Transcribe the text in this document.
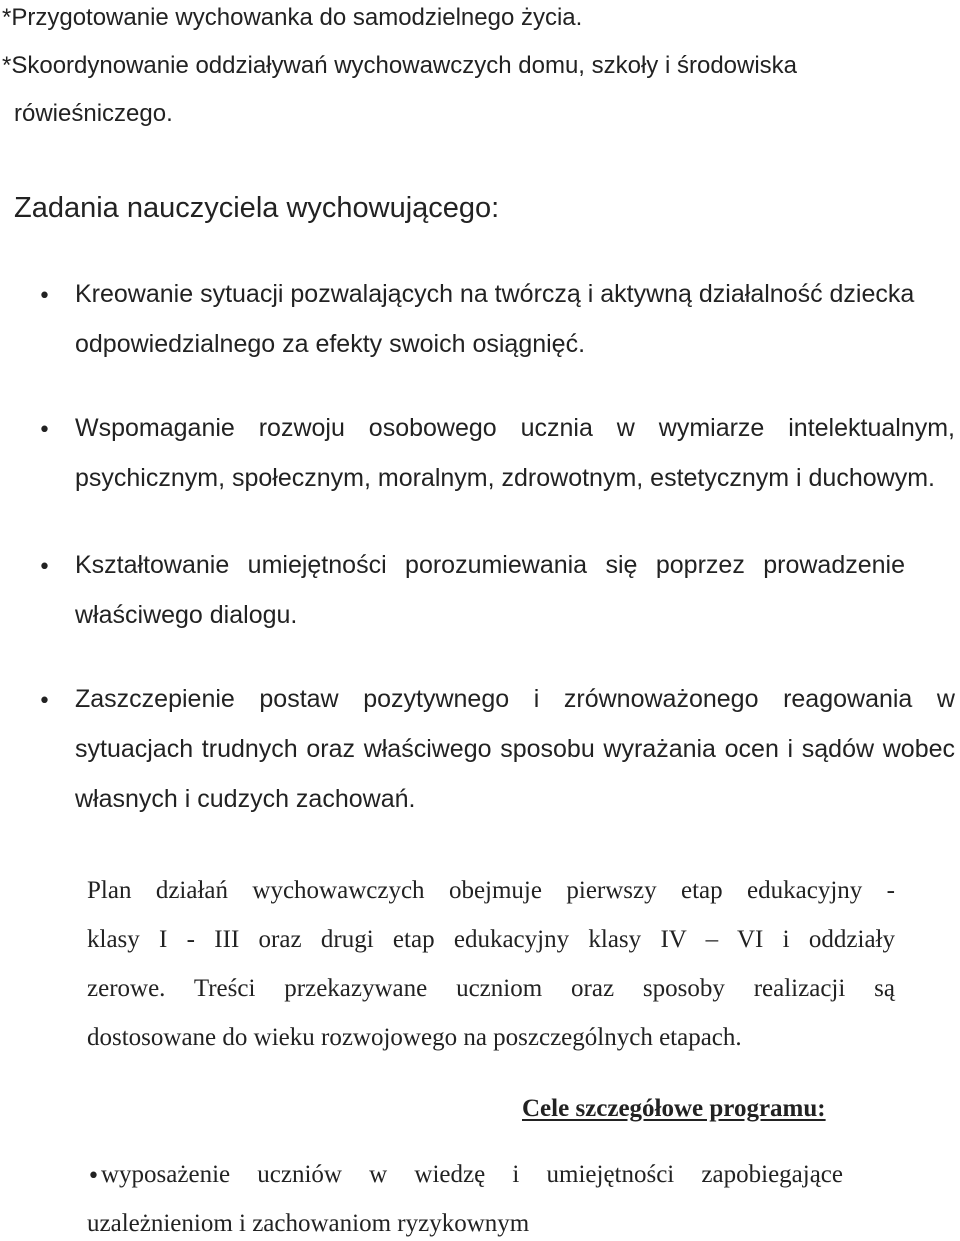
*Przygotowanie wychowanka do samodzielnego życia.
*Skoordynowanie oddziaływań wychowawczych domu, szkoły i środowiska
rówieśniczego.
Zadania nauczyciela wychowującego:
• Kreowanie sytuacji pozwalających na twórczą i aktywną działalność dziecka
odpowiedzialnego za efekty swoich osiągnięć.
• Wspomaganie rozwoju osobowego ucznia w wymiarze intelektualnym,
psychicznym, społecznym, moralnym, zdrowotnym, estetycznym i duchowym.
• Kształtowanie umiejętności porozumiewania się poprzez prowadzenie
właściwego dialogu.
• Zaszczepienie postaw pozytywnego i zrównoważonego reagowania w
sytuacjach trudnych oraz właściwego sposobu wyrażania ocen i sądów wobec
własnych i cudzych zachowań.
Plan działań wychowawczych obejmuje pierwszy etap edukacyjny -
klasy I - III oraz drugi etap edukacyjny klasy IV – VI i oddziały
zerowe. Treści przekazywane uczniom oraz sposoby realizacji są
dostosowane do wieku rozwojowego na poszczególnych etapach.
Cele szczegółowe programu:
• wyposażenie uczniów w wiedzę i umiejętności zapobiegające
uzależnieniom i zachowaniom ryzykownym
